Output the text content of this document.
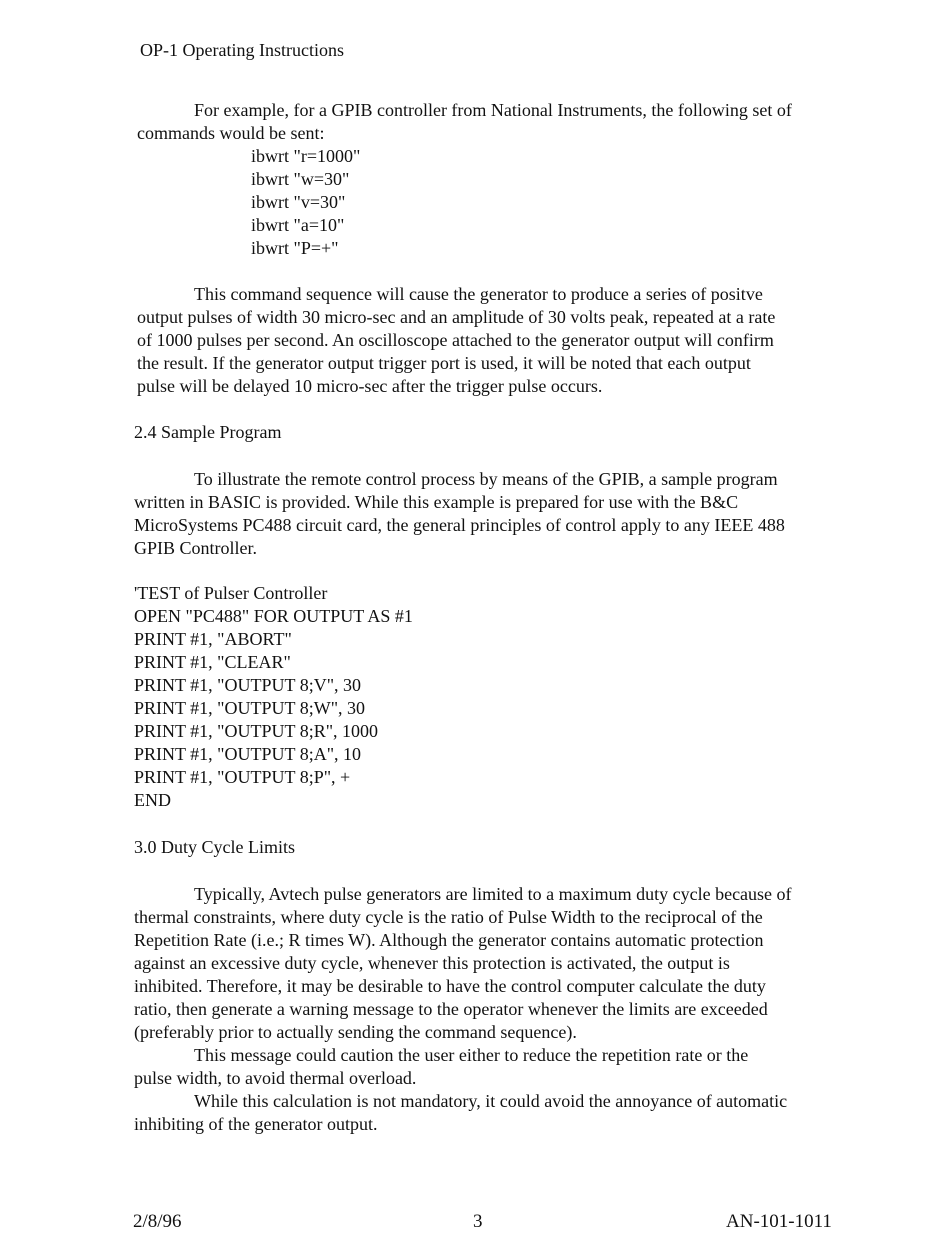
OP-1 Operating Instructions
For example, for a GPIB controller from National Instruments, the following set of
commands would be sent:
ibwrt "r=1000"
ibwrt "w=30"
ibwrt "v=30"
ibwrt "a=10"
ibwrt "P=+"
This command sequence will cause the generator to produce a series of positve
output pulses of width 30 micro-sec and an amplitude of 30 volts peak, repeated at a rate
of 1000 pulses per second. An oscilloscope attached to the generator output will confirm
the result. If the generator output trigger port is used, it will be noted that each output
pulse will be delayed 10 micro-sec after the trigger pulse occurs.
2.4 Sample Program
To illustrate the remote control process by means of the GPIB, a sample program
written in BASIC is provided. While this example is prepared for use with the B&C
MicroSystems PC488 circuit card, the general principles of control apply to any IEEE 488
GPIB Controller.
'TEST of Pulser Controller
OPEN "PC488" FOR OUTPUT AS #1
PRINT #1, "ABORT"
PRINT #1, "CLEAR"
PRINT #1, "OUTPUT 8;V", 30
PRINT #1, "OUTPUT 8;W", 30
PRINT #1, "OUTPUT 8;R", 1000
PRINT #1, "OUTPUT 8;A", 10
PRINT #1, "OUTPUT 8;P", +
END
3.0 Duty Cycle Limits
Typically, Avtech pulse generators are limited to a maximum duty cycle because of
thermal constraints, where duty cycle is the ratio of Pulse Width to the reciprocal of the
Repetition Rate (i.e.; R times W). Although the generator contains automatic protection
against an excessive duty cycle, whenever this protection is activated, the output is
inhibited. Therefore, it may be desirable to have the control computer calculate the duty
ratio, then generate a warning message to the operator whenever the limits are exceeded
(preferably prior to actually sending the command sequence).
This message could caution the user either to reduce the repetition rate or the
pulse width, to avoid thermal overload.
While this calculation is not mandatory, it could avoid the annoyance of automatic
inhibiting of the generator output.
2/8/96	3	AN-101-1011
